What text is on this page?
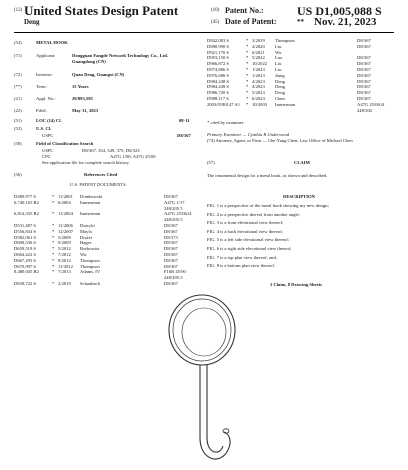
(12) United States Design Patent
Deng
(10) Patent No.:	US D1,005,088 S
(45) Date of Patent:	** Nov. 21, 2023
(54)	METAL HOOK
(71)	Applicant:	Dongguan Fangde Network Technology Co., Ltd. Guangdong (CN)
(72)	Inventor:	Quan Deng, Guangxi (CN)
(**)	Term:	15 Years
(21)	Appl. No.:	29/893,595
(22)	Filed:	May 31, 2023
(51)	LOC (14) Cl.	08-11
(52)	U.S. Cl.
USPC	D8/367
(58)	Field of Classification Search
USPC	D8/367, 354, 349, 375; D6/323
CPC	A47G 1/00; A47G 25/00
See application file for complete search history.
(56)	References Cited
U.S. PATENT DOCUMENTS
D489,977 S	* 11/2001 Dombowski	D8/367
6,740,165 B2	* 6/2004 Immerman	A47G 1/17
248/205.5
6,814,335 B2	* 11/2004 Immerman	A47G 25/0614
248/205.5
D531,487 S	* 11/2006 Dutcyki	D8/367
D556,834 S	* 12/2007 Mayfo	D8/367
D582,061 S	* 5/2009 Drofet	D8/373
D600,536 S	* 9/2009 Hager	D8/367
D659,519 S	* 5/2012 Borkowitz	D8/367
D664,422 S	* 7/2012 Wu	D8/367
D667,293 S	* 9/2012 Thompson	D8/367
D670,997 S	* 11/2012 Thompson	D8/367
8,480,045 B2	* 7/2013 Adams, IV	F16B 45/00
248/205.5
D830,722 S	* 2/2019 Schaubach	D8/367
D842,083 S	* 3/2019 Thompson	D8/367
D880,990 S	* 4/2020 Liu	D8/367
D921,176 S	* 6/2021 Wu
D953,150 S	* 5/2022 Luo	D8/367
D966,872 S	* 10/2022 Liu	D8/367
D974,886 S	* 1/2023 Liu	D8/367
D976,686 S	* 1/2023 Jiang	D8/367
D984,248 S	* 4/2023 Deng	D8/367
D984,249 S	* 4/2023 Deng	D8/367
D986,720 S	* 5/2023 Deng	D8/367
D988,117 S	* 6/2023 Chen	D8/367
2003/0180147 A1 * 10/2003 Immerman	A47G 25/0614
248/302
* cited by examiner
Primary Examiner — Cynthia R Underwood
(74) Attorney, Agent, or Firm — Che-Yang Chen; Law Office of Michael Chen
(57)	CLAIM
The ornamental design for a metal hook, as shown and described.
DESCRIPTION
FIG. 1 is a perspective of the metal hook showing my new design;
FIG. 2 is a perspective thereof from another angle;
FIG. 3 is a front elevational view thereof;
FIG. 4 is a back elevational view thereof;
FIG. 5 is a left side elevational view thereof;
FIG. 6 is a right side elevational view thereof;
FIG. 7 is a top plan view thereof; and,
FIG. 8 is a bottom plan view thereof.
1 Claim, 8 Drawing Sheets
